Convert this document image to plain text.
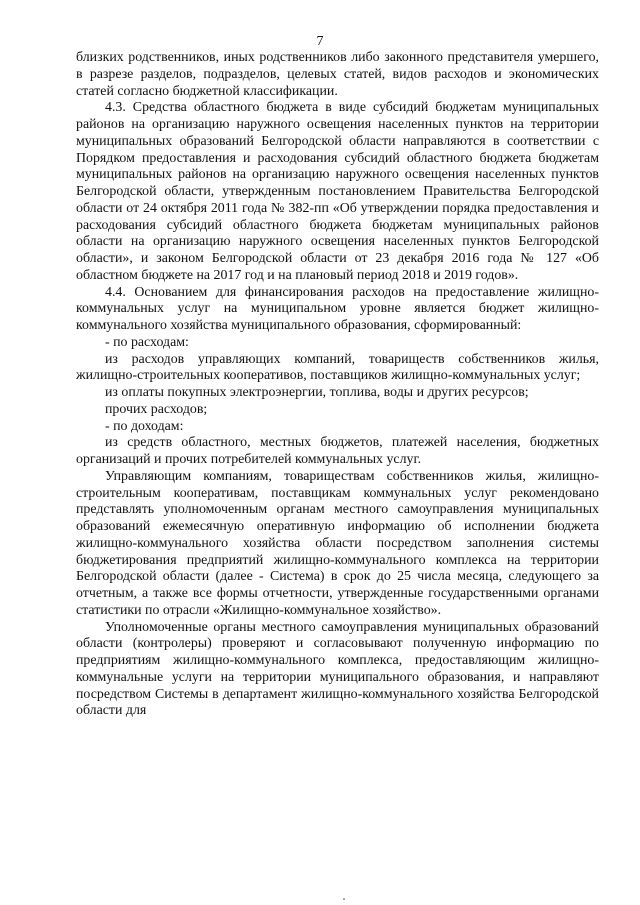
7

близких родственников, иных родственников либо законного представителя умершего, в разрезе разделов, подразделов, целевых статей, видов расходов и экономических статей согласно бюджетной классификации.

4.3. Средства областного бюджета в виде субсидий бюджетам муниципальных районов на организацию наружного освещения населенных пунктов на территории муниципальных образований Белгородской области направляются в соответствии с Порядком предоставления и расходования субсидий областного бюджета бюджетам муниципальных районов на организацию наружного освещения населенных пунктов Белгородской области, утвержденным постановлением Правительства Белгородской области от 24 октября 2011 года № 382-пп «Об утверждении порядка предоставления и расходования субсидий областного бюджета бюджетам муниципальных районов области на организацию наружного освещения населенных пунктов Белгородской области», и законом Белгородской области от 23 декабря 2016 года № 127 «Об областном бюджете на 2017 год и на плановый период 2018 и 2019 годов».

4.4. Основанием для финансирования расходов на предоставление жилищно-коммунальных услуг на муниципальном уровне является бюджет жилищно-коммунального хозяйства муниципального образования, сформированный:

- по расходам:

из расходов управляющих компаний, товариществ собственников жилья, жилищно-строительных кооперативов, поставщиков жилищно-коммунальных услуг;

из оплаты покупных электроэнергии, топлива, воды и других ресурсов;

прочих расходов;

- по доходам:

из средств областного, местных бюджетов, платежей населения, бюджетных организаций и прочих потребителей коммунальных услуг.

Управляющим компаниям, товариществам собственников жилья, жилищно-строительным кооперативам, поставщикам коммунальных услуг рекомендовано представлять уполномоченным органам местного самоуправления муниципальных образований ежемесячную оперативную информацию об исполнении бюджета жилищно-коммунального хозяйства области посредством заполнения системы бюджетирования предприятий жилищно-коммунального комплекса на территории Белгородской области (далее - Система) в срок до 25 числа месяца, следующего за отчетным, а также все формы отчетности, утвержденные государственными органами статистики по отрасли «Жилищно-коммунальное хозяйство».

Уполномоченные органы местного самоуправления муниципальных образований области (контролеры) проверяют и согласовывают полученную информацию по предприятиям жилищно-коммунального комплекса, предоставляющим жилищно-коммунальные услуги на территории муниципального образования, и направляют посредством Системы в департамент жилищно-коммунального хозяйства Белгородской области для
